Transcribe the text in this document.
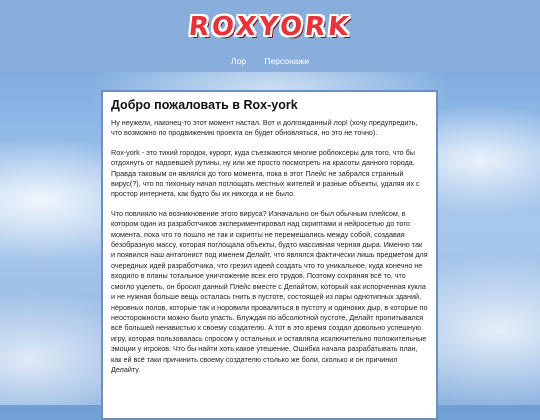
ROXYORK
Лор Персонажи
Добро пожаловать в Rox-york

Ну неужели, наконец-то этот момент настал. Вот и долгожданный лор! (хочу предупредить, что возможно по продвижению проекта он будет обновляться, но это не точно).

Rox-york - это тихий городок, курорт, куда съезжаются многие роблоксеры для того, что бы отдохнуть от надоевшей рутины, ну или же просто посмотреть на красоты данного города. Правда таковым он являлся до того момента, пока в этот Плейс не забрался странный вирус(?), что по тихоньку начал поглощать местных жителей и разные объекты, удаляя их с простор интернета, как будто бы их никогда и не было.

Что повлияло на возникновение этого вируса? Изначально он был обычным плейсом, в котором один из разработчиков экспериментировал над скриптами и нейросетью до того момента, пока что то пошло не так и скрипты не перемешались между собой, создавая безобразную массу, которая поглощала объекты, будто массивная черная дыра. Именно так и появился наш антагонист под именем Делайт, что являлся фактически лишь предметом для очередных идей разработчика, что грезил идеей создать что то уникальное, куда конечно не входило в планы тотальное уничтожение всех его трудов. Поэтому сохраняя всё то, что смогло уцелеть, он бросил данный Плейс вместе с Делайтом, который как испорченная кукла и не нужная больше вещь осталась гнить в пустоте, состоящей из пары однотипных зданий, неровных полов, которые так и норовили провалиться в пустоту и одиноких дыр, в которые по неосторожности можно было упасть. Блуждая по абсолютной пустоте, Делайт пропитывался всё большей ненавистью к своему создателю. А тот в это время создал довольно успешную игру, которая пользовалась спросом у остальных и оставляла исключительно положительные эмоции у игроков. Что бы найти хоть какое утешение, Ошибка начала разрабатывать план, как ей всё таки причинить своему создателю столько же боли, сколько и он причинил Делайту.
